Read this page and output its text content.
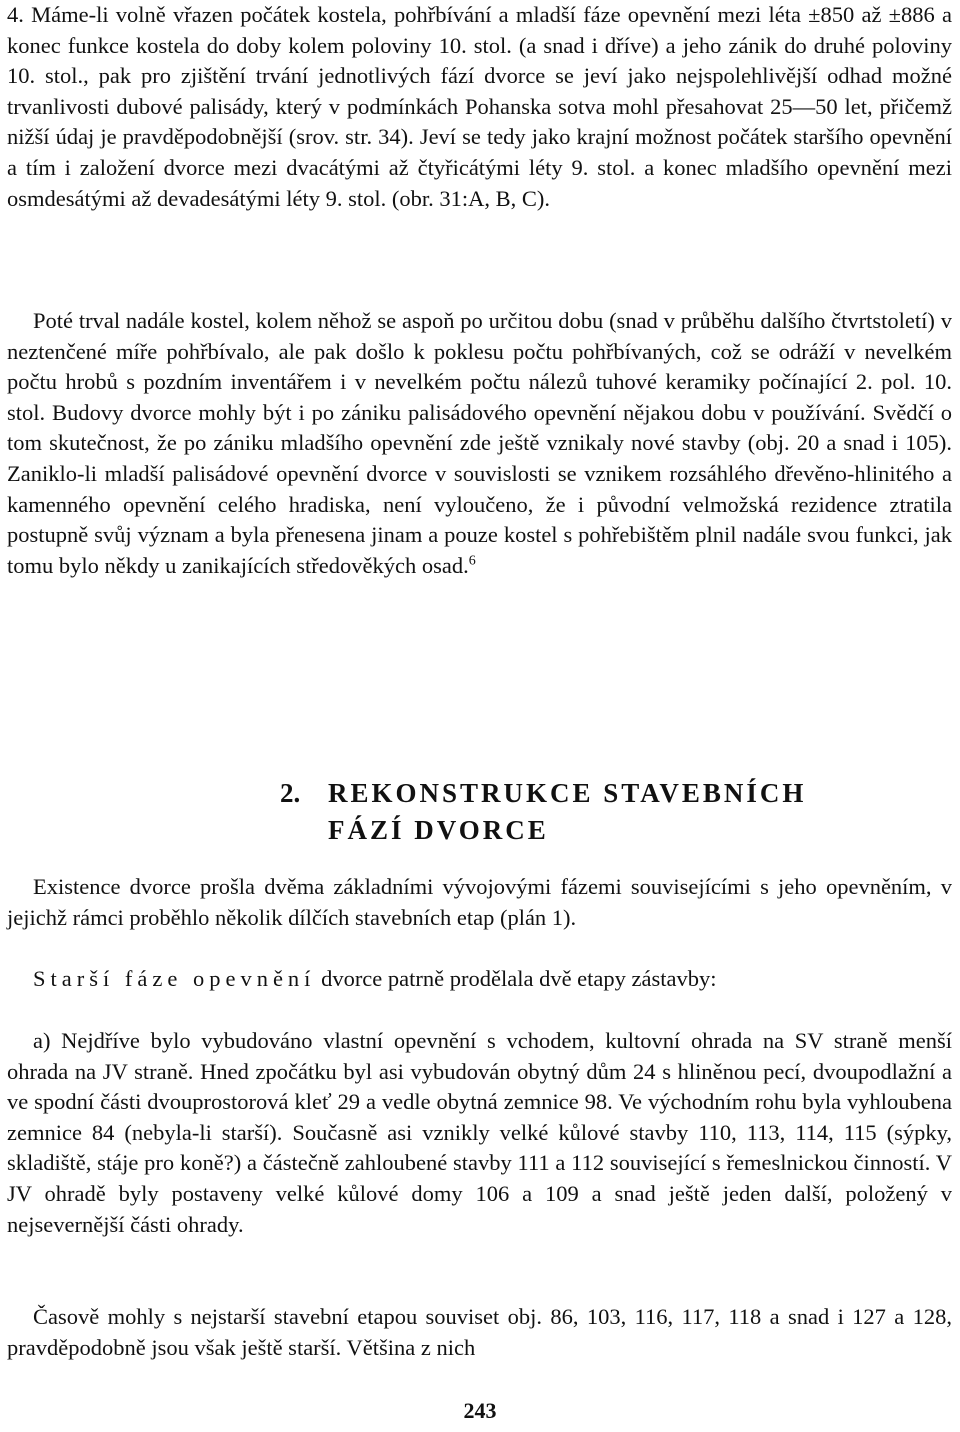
4. Máme-li volně vřazen počátek kostela, pohřbívání a mladší fáze opevnění mezi léta ±850 až ±886 a konec funkce kostela do doby kolem poloviny 10. stol. (a snad i dříve) a jeho zánik do druhé poloviny 10. stol., pak pro zjištění trvání jednotlivých fází dvorce se jeví jako nejspolehlivější odhad možné trvanlivosti dubové palisády, který v podmínkách Pohanska sotva mohl přesahovat 25—50 let, přičemž nižší údaj je pravděpodobnější (srov. str. 34). Jeví se tedy jako krajní možnost počátek staršího opevnění a tím i založení dvorce mezi dvacátými až čtyřicátými léty 9. stol. a konec mladšího opevnění mezi osmdesátými až devadesátými léty 9. stol. (obr. 31:A, B, C).

Poté trval nadále kostel, kolem něhož se aspoň po určitou dobu (snad v průběhu dalšího čtvrtstoletí) v neztenčené míře pohřbívalo, ale pak došlo k poklesu počtu pohřbívaných, což se odráží v nevelkém počtu hrobů s pozdním inventářem i v nevelkém počtu nálezů tuhové keramiky počínající 2. pol. 10. stol. Budovy dvorce mohly být i po zániku palisádového opevnění nějakou dobu v používání. Svědčí o tom skutečnost, že po zániku mladšího opevnění zde ještě vznikaly nové stavby (obj. 20 a snad i 105). Zaniklo-li mladší palisádové opevnění dvorce v souvislosti se vznikem rozsáhlého dřevěno-hlinitého a kamenného opevnění celého hradiska, není vyloučeno, že i původní velmožská rezidence ztratila postupně svůj význam a byla přenesena jinam a pouze kostel s pohřebištěm plnil nadále svou funkci, jak tomu bylo někdy u zanikajících středověkých osad.$^6$

2. REKONSTRUKCE STAVEBNÍCH
FÁZÍ DVORCE

Existence dvorce prošla dvěma základními vývojovými fázemi souvisejícími s jeho opevněním, v jejichž rámci proběhlo několik dílčích stavebních etap (plán 1).

Starší fáze opevnění dvorce patrně prodělala dvě etapy zástavby:

a) Nejdříve bylo vybudováno vlastní opevnění s vchodem, kultovní ohrada na SV straně menší ohrada na JV straně. Hned zpočátku byl asi vybudován obytný dům 24 s hliněnou pecí, dvoupodlažní a ve spodní části dvouprostorová kleť 29 a vedle obytná zemnice 98. Ve východním rohu byla vyhloubena zemnice 84 (nebyla-li starší). Současně asi vznikly velké kůlové stavby 110, 113, 114, 115 (sýpky, skladiště, stáje pro koně?) a částečně zahloubené stavby 111 a 112 související s řemeslnickou činností. V JV ohradě byly postaveny velké kůlové domy 106 a 109 a snad ještě jeden další, položený v nejsevernější části ohrady.

Časově mohly s nejstarší stavební etapou souviset obj. 86, 103, 116, 117, 118 a snad i 127 a 128, pravděpodobně jsou však ještě starší. Většina z nich

243
